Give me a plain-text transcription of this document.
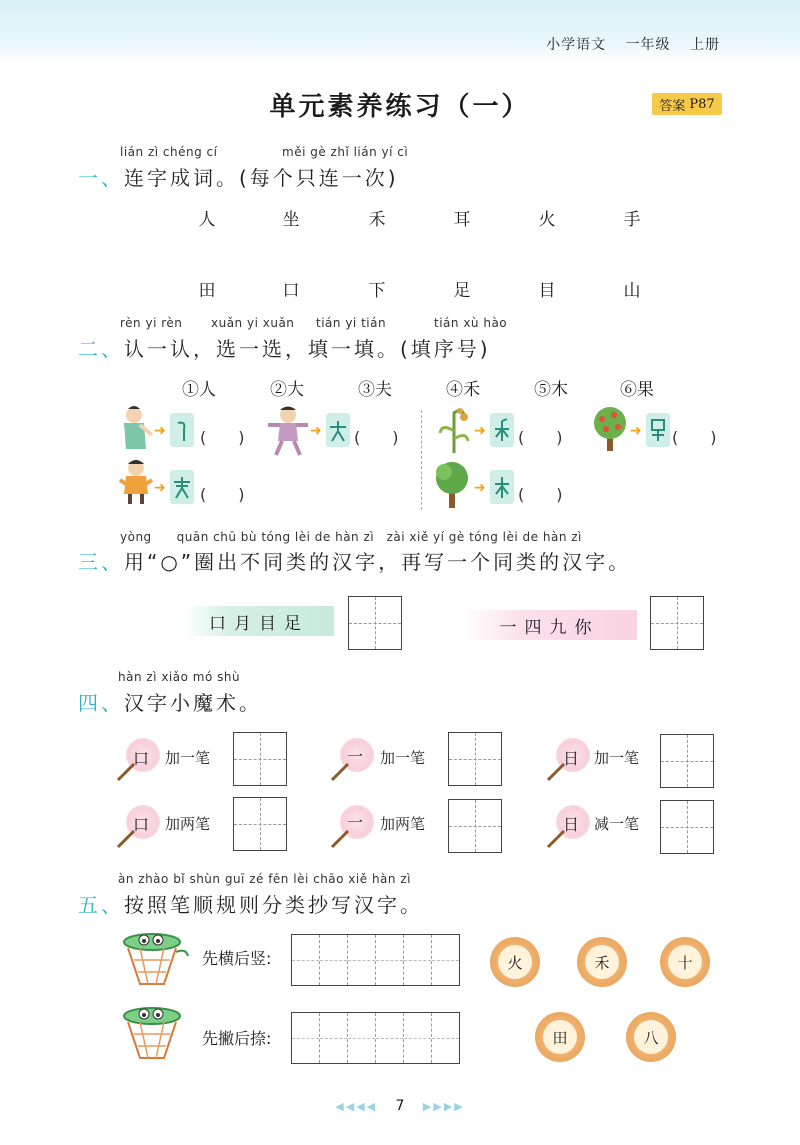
小学语文 一年级 上册
单元素养练习（一）	答案 P87
lián zì chéng cí	měi gè zhǐ lián yí cì
一、连字成词。(每个只连一次)
人	坐	禾	耳	火	手
田	口	下	足	目	山
rèn yi rèn xuǎn yi xuǎn tián yi tián	tián xù hào
二、认一认，选一选，填一填。(填序号)
①人	②大	③夫	④禾	⑤木	⑥果
➜ (　　)	➜ (　　)	➜ (　　)	➜ (　　)
➜ (　　)	➜ (　　)
yòng　　quān chū bù tóng lèi de hàn zì　zài xiě yí gè tóng lèi de hàn zì
三、用“○”圈出不同类的汉字，再写一个同类的汉字。
口月目足	一四九你
hàn zì xiǎo mó shù
四、汉字小魔术。
口 加一笔	一 加一笔	日 加一笔
口 加两笔	一 加两笔	日 减一笔
àn zhào bǐ shùn guī zé fēn lèi chāo xiě hàn zì
五、按照笔顺规则分类抄写汉字。
先横后竖:
先撇后捺:
火	禾	十
田	八
◀◀◀◀ 7 ▶▶▶▶
